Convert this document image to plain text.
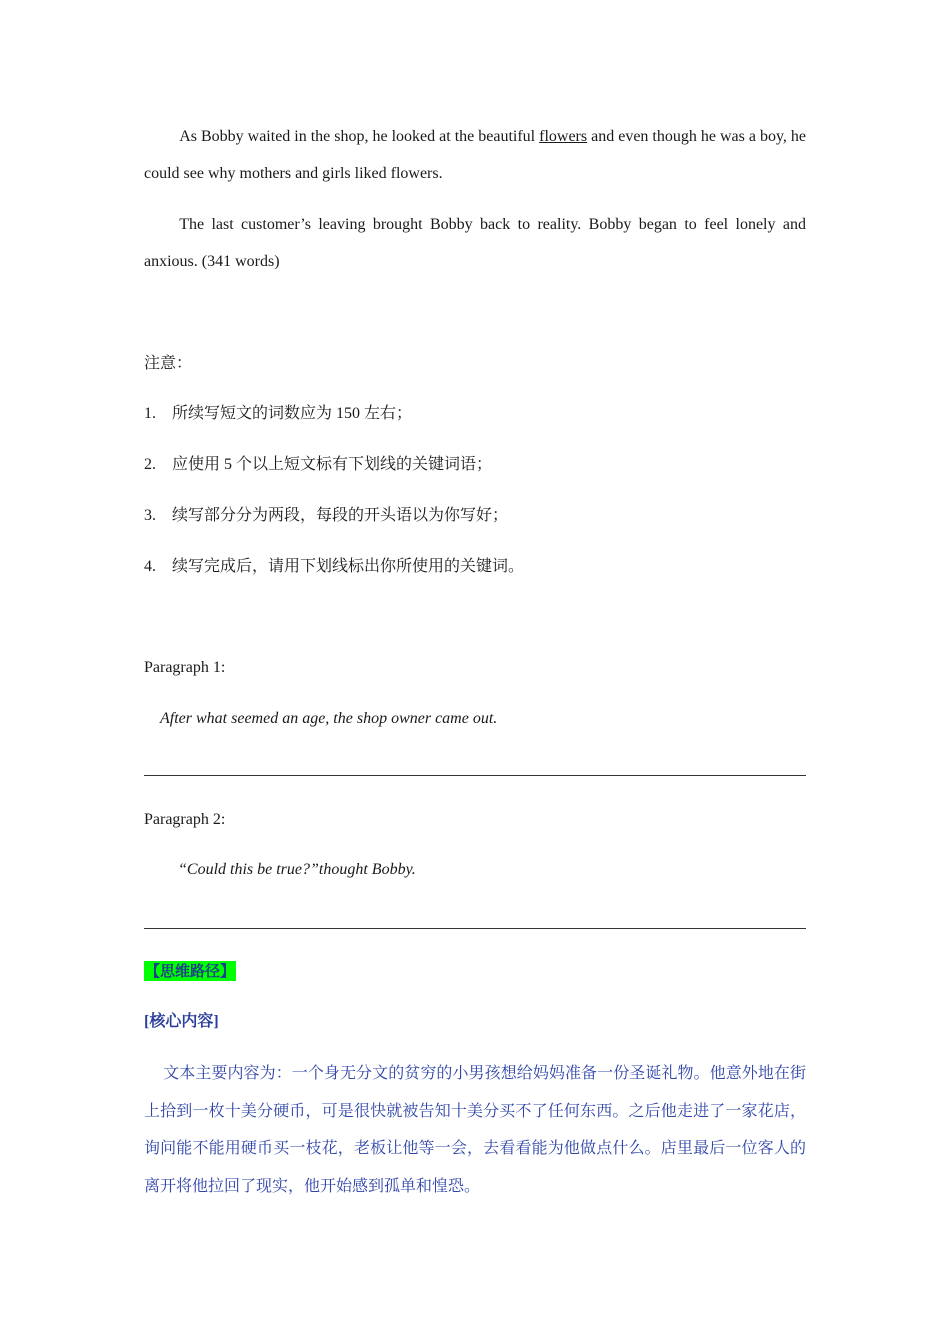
As Bobby waited in the shop, he looked at the beautiful flowers and even though he was a boy, he could see why mothers and girls liked flowers.
The last customer’s leaving brought Bobby back to reality. Bobby began to feel lonely and anxious. (341 words)
注意：
1. 所续写短文的词数应为 150 左右；
2. 应使用 5 个以上短文标有下划线的关键词语；
3. 续写部分分为两段，每段的开头语以为你写好；
4. 续写完成后，请用下划线标出你所使用的关键词。
Paragraph 1:
After what seemed an age, the shop owner came out.
Paragraph 2:
“Could this be true?”thought Bobby.
【思维路径】
[核心内容]
文本主要内容为：一个身无分文的贫穷的小男孩想给妈妈准备一份圣诞礼物。他意外地在街上拾到一枚十美分硬币，可是很快就被告知十美分买不了任何东西。之后他走进了一家花店，询问能不能用硬币买一枝花，老板让他等一会，去看看能为他做点什么。店里最后一位客人的离开将他拉回了现实，他开始感到孤单和惶恐。
